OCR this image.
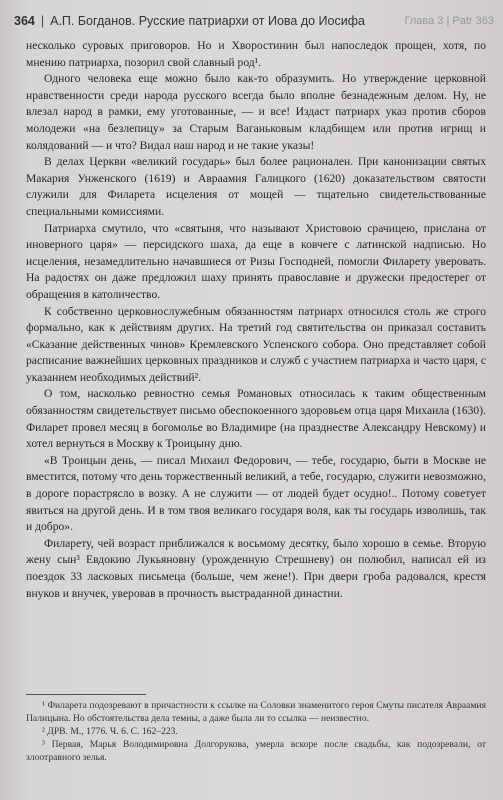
364 | А.П. Богданов. Русские патриархи от Иова до Иосифа	Глава 3 | Patr 363

несколько суровых приговоров. Но и Хворостинин был напоследок прощен, хотя, по мнению патриарха, позорил свой славный род¹.

Одного человека еще можно было как-то образумить. Но утверждение церковной нравственности среди народа русского всегда было вполне безнадежным делом. Ну, не влезал народ в рамки, ему уготованные, — и все! Издаст патриарх указ против сборов молодежи «на безлепицу» за Старым Ваганьковым кладбищем или против игрищ и колядований — и что? Видал наш народ и не такие указы!

В делах Церкви «великий государь» был более рационален. При канонизации святых Макария Унженского (1619) и Авраамия Галицкого (1620) доказательством святости служили для Филарета исцеления от мощей — тщательно свидетельствованные специальными комиссиями.

Патриарха смутило, что «святыня, что называют Христовою срачицею, прислана от иноверного царя» — персидского шаха, да еще в ковчеге с латинской надписью. Но исцеления, незамедлительно начавшиеся от Ризы Господней, помогли Филарету уверовать. На радостях он даже предложил шаху принять православие и дружески предостерег от обращения в католичество.

К собственно церковнослужебным обязанностям патриарх относился столь же строго формально, как к действиям других. На третий год святительства он приказал составить «Сказание действенных чинов» Кремлевского Успенского собора. Оно представляет собой расписание важнейших церковных праздников и служб с участием патриарха и часто царя, с указанием необходимых действий².

О том, насколько ревностно семья Романовых относилась к таким общественным обязанностям свидетельствует письмо обеспокоенного здоровьем отца царя Михаила (1630). Филарет провел месяц в богомолье во Владимире (на празднестве Александру Невскому) и хотел вернуться в Москву к Троицыну дню.

«В Троицын день, — писал Михаил Федорович, — тебе, государю, быти в Москве не вместится, потому что день торжественный великий, а тебе, государю, служити невозможно, в дороге порастрясло в возку. А не служити — от людей будет осудно!.. Потому советует явиться на другой день. И в том твоя великаго государя воля, как ты государь изволишь, так и добро».

Филарету, чей возраст приближался к восьмому десятку, было хорошо в семье. Вторую жену сын³ Евдокию Лукьяновну (урожденную Стрешневу) он полюбил, написал ей из поездок 33 ласковых письмеца (больше, чем жене!). При двери гроба радовался, крестя внуков и внучек, уверовав в прочность выстраданной династии.

¹ Филарета подозревают в причастности к ссылке на Соловки знаменитого героя Смуты писателя Авраамия Палицына. Но обстоятельства дела темны, а даже была ли то ссылка — неизвестно.

² ДРВ. М., 1776. Ч. 6. С. 162–223.

³ Первая, Марья Володимировна Долгорукова, умерла вскоре после свадьбы, как подозревали, от злоотравного зелья.
